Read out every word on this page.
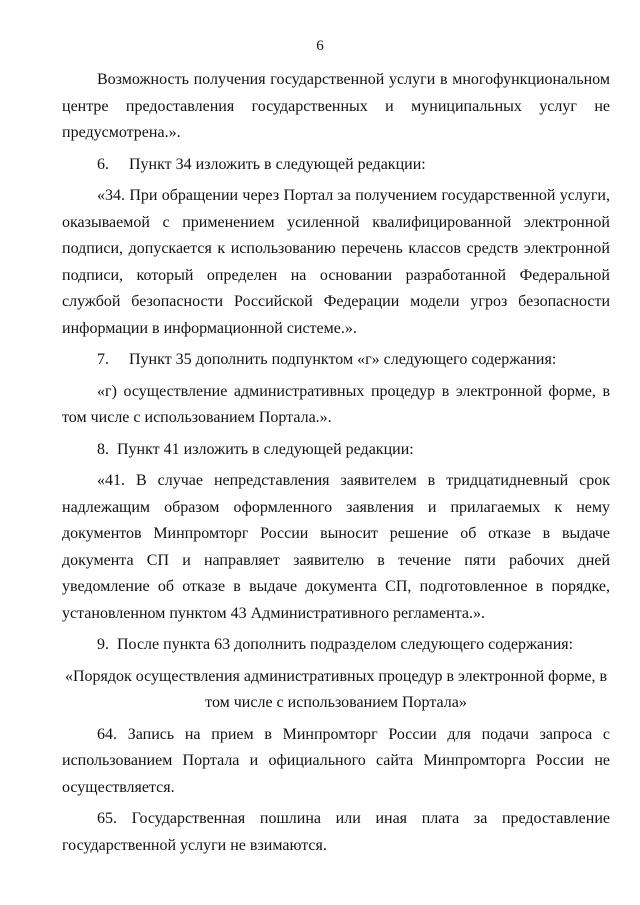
6

Возможность получения государственной услуги в многофункциональном центре предоставления государственных и муниципальных услуг не предусмотрена.».

6.     Пункт 34 изложить в следующей редакции:

«34. При обращении через Портал за получением государственной услуги, оказываемой с применением усиленной квалифицированной электронной подписи, допускается к использованию перечень классов средств электронной подписи, который определен на основании разработанной Федеральной службой безопасности Российской Федерации модели угроз безопасности информации в информационной системе.».

7.     Пункт 35 дополнить подпунктом «г» следующего содержания:

«г) осуществление административных процедур в электронной форме, в том числе с использованием Портала.».

8.  Пункт 41 изложить в следующей редакции:

«41. В случае непредставления заявителем в тридцатидневный срок надлежащим образом оформленного заявления и прилагаемых к нему документов Минпромторг России выносит решение об отказе в выдаче документа СП и направляет заявителю в течение пяти рабочих дней уведомление об отказе в выдаче документа СП, подготовленное в порядке, установленном пунктом 43 Административного регламента.».

9.  После пункта 63 дополнить подразделом следующего содержания:

«Порядок осуществления административных процедур в электронной форме, в том числе с использованием Портала»

64. Запись на прием в Минпромторг России для подачи запроса с использованием Портала и официального сайта Минпромторга России не осуществляется.

65. Государственная пошлина или иная плата за предоставление государственной услуги не взимаются.
